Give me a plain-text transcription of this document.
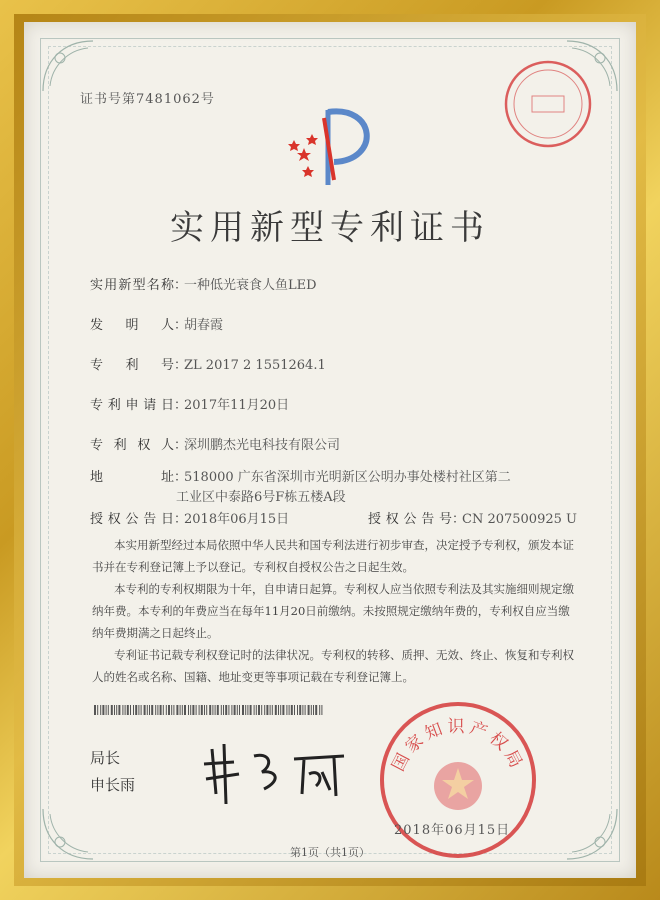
证书号第7481062号
实用新型专利证书
实用新型名称：一种低光衰食人鱼LED
发明人：胡春霞
专利号：ZL 2017 2 1551264.1
专利申请日：2017年11月20日
专利权人：深圳鹏杰光电科技有限公司
地址：518000 广东省深圳市光明新区公明办事处楼村社区第二
工业区中泰路6号F栋五楼A段
授权公告日：2018年06月15日	授权公告号：CN 207500925 U

本实用新型经过本局依照中华人民共和国专利法进行初步审查，决定授予专利权，颁发本证书并在专利登记簿上予以登记。专利权自授权公告之日起生效。

本专利的专利权期限为十年，自申请日起算。专利权人应当依照专利法及其实施细则规定缴纳年费。本专利的年费应当在每年11月20日前缴纳。未按照规定缴纳年费的，专利权自应当缴纳年费期满之日起终止。

专利证书记载专利权登记时的法律状况。专利权的转移、质押、无效、终止、恢复和专利权人的姓名或名称、国籍、地址变更等事项记载在专利登记簿上。

局长
申长雨
国家知识产权局
2018年06月15日
第1页（共1页）
